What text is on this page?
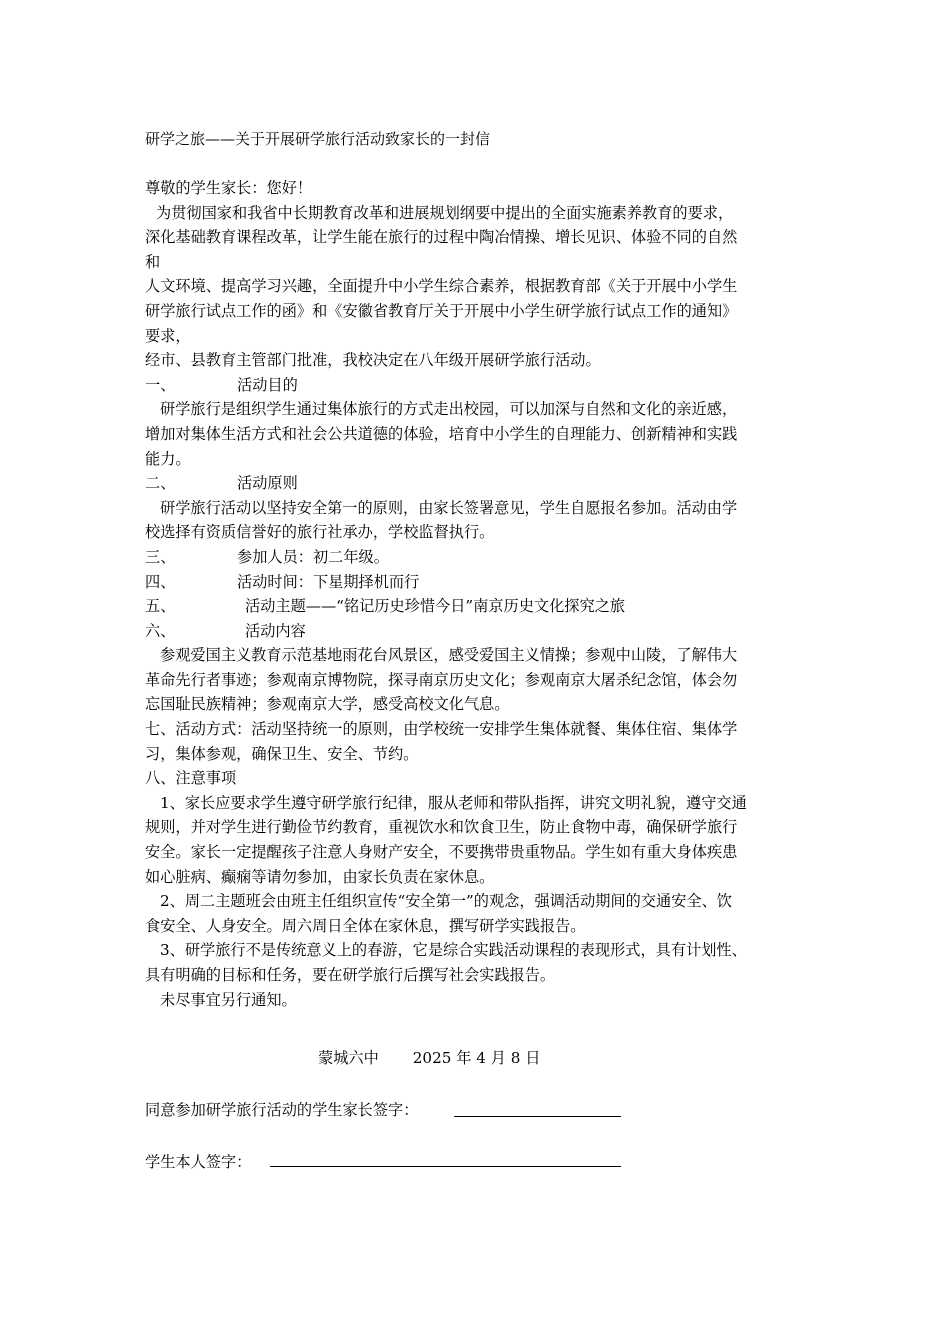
研学之旅——关于开展研学旅行活动致家长的一封信
尊敬的学生家长：您好！
为贯彻国家和我省中长期教育改革和进展规划纲要中提出的全面实施素养教育的要求，
深化基础教育课程改革，让学生能在旅行的过程中陶冶情操、增长见识、体验不同的自然
和
人文环境、提高学习兴趣，全面提升中小学生综合素养，根据教育部《关于开展中小学生
研学旅行试点工作的函》和《安徽省教育厅关于开展中小学生研学旅行试点工作的通知》
要求，
经市、县教育主管部门批准，我校决定在八年级开展研学旅行活动。
一、	活动目的
研学旅行是组织学生通过集体旅行的方式走出校园，可以加深与自然和文化的亲近感，
增加对集体生活方式和社会公共道德的体验，培育中小学生的自理能力、创新精神和实践
能力。
二、	活动原则
研学旅行活动以坚持安全第一的原则，由家长签署意见，学生自愿报名参加。活动由学
校选择有资质信誉好的旅行社承办，学校监督执行。
三、	参加人员：初二年级。
四、	活动时间：下星期择机而行
五、	活动主题——“铭记历史珍惜今日”南京历史文化探究之旅
六、	活动内容
参观爱国主义教育示范基地雨花台风景区，感受爱国主义情操；参观中山陵，了解伟大
革命先行者事迹；参观南京博物院，探寻南京历史文化；参观南京大屠杀纪念馆，体会勿
忘国耻民族精神；参观南京大学，感受高校文化气息。
七、活动方式：活动坚持统一的原则，由学校统一安排学生集体就餐、集体住宿、集体学
习，集体参观，确保卫生、安全、节约。
八、注意事项
1、家长应要求学生遵守研学旅行纪律，服从老师和带队指挥，讲究文明礼貌，遵守交通
规则，并对学生进行勤俭节约教育，重视饮水和饮食卫生，防止食物中毒，确保研学旅行
安全。家长一定提醒孩子注意人身财产安全，不要携带贵重物品。学生如有重大身体疾患
如心脏病、癫痫等请勿参加，由家长负责在家休息。
2、周二主题班会由班主任组织宣传“安全第一”的观念，强调活动期间的交通安全、饮
食安全、人身安全。周六周日全体在家休息，撰写研学实践报告。
3、研学旅行不是传统意义上的春游，它是综合实践活动课程的表现形式，具有计划性、
具有明确的目标和任务，要在研学旅行后撰写社会实践报告。
未尽事宜另行通知。
蒙城六中 2025 年 4 月 8 日
同意参加研学旅行活动的学生家长签字：
学生本人签字：
